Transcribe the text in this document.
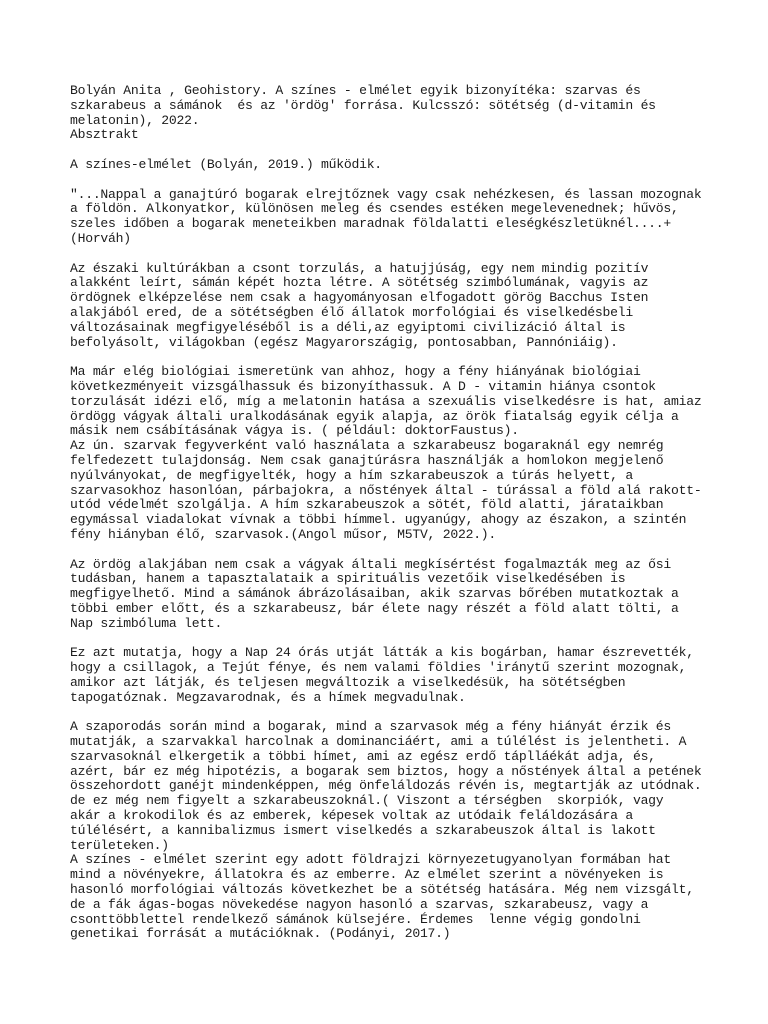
Bolyán Anita , Geohistory. A színes - elmélet egyik bizonyítéka: szarvas és
szkarabeus a sámánok  és az 'ördög' forrása. Kulcsszó: sötétség (d-vitamin és
melatonin), 2022.
Absztrakt
A színes-elmélet (Bolyán, 2019.) működik.
"...Nappal a ganajtúró bogarak elrejtőznek vagy csak nehézkesen, és lassan mozognak
a földön. Alkonyatkor, különösen meleg és csendes estéken megelevenednek; hűvös,
szeles időben a bogarak meneteikben maradnak földalatti eleségkészletüknél....+
(Horváh)
Az északi kultúrákban a csont torzulás, a hatujjúság, egy nem mindig pozitív
alakként leírt, sámán képét hozta létre. A sötétség szimbólumának, vagyis az
ördögnek elképzelése nem csak a hagyományosan elfogadott görög Bacchus Isten
alakjából ered, de a sötétségben élő állatok morfológiai és viselkedésbeli
változásainak megfigyeléséből is a déli,az egyiptomi civilizáció által is
befolyásolt, világokban (egész Magyarországig, pontosabban, Pannóniáig).
Ma már elég biológiai ismeretünk van ahhoz, hogy a fény hiányának biológiai
következményeit vizsgálhassuk és bizonyíthassuk. A D - vitamin hiánya csontok
torzulását idézi elő, míg a melatonin hatása a szexuális viselkedésre is hat, amiaz
ördögg vágyak általi uralkodásának egyik alapja, az örök fiatalság egyik célja a
másik nem csábításának vágya is. ( például: doktorFaustus).
Az ún. szarvak fegyverként való használata a szkarabeusz bogaraknál egy nemrég
felfedezett tulajdonság. Nem csak ganajtúrásra használják a homlokon megjelenő
nyúlványokat, de megfigyelték, hogy a hím szkarabeuszok a túrás helyett, a
szarvasokhoz hasonlóan, párbajokra, a nőstények által - túrással a föld alá rakott-
utód védelmét szolgálja. A hím szkarabeuszok a sötét, föld alatti, járataikban
egymással viadalokat vívnak a többi hímmel. ugyanúgy, ahogy az északon, a szintén
fény hiányban élő, szarvasok.(Angol műsor, M5TV, 2022.).
Az ördög alakjában nem csak a vágyak általi megkísértést fogalmazták meg az ősi
tudásban, hanem a tapasztalataik a spirituális vezetőik viselkedésében is
megfigyelhető. Mind a sámánok ábrázolásaiban, akik szarvas bőrében mutatkoztak a
többi ember előtt, és a szkarabeusz, bár élete nagy részét a föld alatt tölti, a
Nap szimbóluma lett.
Ez azt mutatja, hogy a Nap 24 órás utját látták a kis bogárban, hamar észrevették,
hogy a csillagok, a Tejút fénye, és nem valami földies 'iránytű szerint mozognak,
amikor azt látják, és teljesen megváltozik a viselkedésük, ha sötétségben
tapogatóznak. Megzavarodnak, és a hímek megvadulnak.
A szaporodás során mind a bogarak, mind a szarvasok még a fény hiányát érzik és
mutatják, a szarvakkal harcolnak a dominanciáért, ami a túlélést is jelentheti. A
szarvasoknál elkergetik a többi hímet, ami az egész erdő táplláékát adja, és,
azért, bár ez még hipotézis, a bogarak sem biztos, hogy a nőstények által a petének
összehordott ganéjt mindenképpen, még önfeláldozás révén is, megtartják az utódnak.
de ez még nem figyelt a szkarabeuszoknál.( Viszont a térségben  skorpiók, vagy
akár a krokodilok és az emberek, képesek voltak az utódaik feláldozására a
túlélésért, a kannibalizmus ismert viselkedés a szkarabeuszok által is lakott
területeken.)
A színes - elmélet szerint egy adott földrajzi környezetugyanolyan formában hat
mind a növényekre, állatokra és az emberre. Az elmélet szerint a növényeken is
hasonló morfológiai változás következhet be a sötétség hatására. Még nem vizsgált,
de a fák ágas-bogas növekedése nagyon hasonló a szarvas, szkarabeusz, vagy a
csonttöbblettel rendelkező sámánok külsejére. Érdemes  lenne végig gondolni
genetikai forrását a mutációknak. (Podányi, 2017.)
